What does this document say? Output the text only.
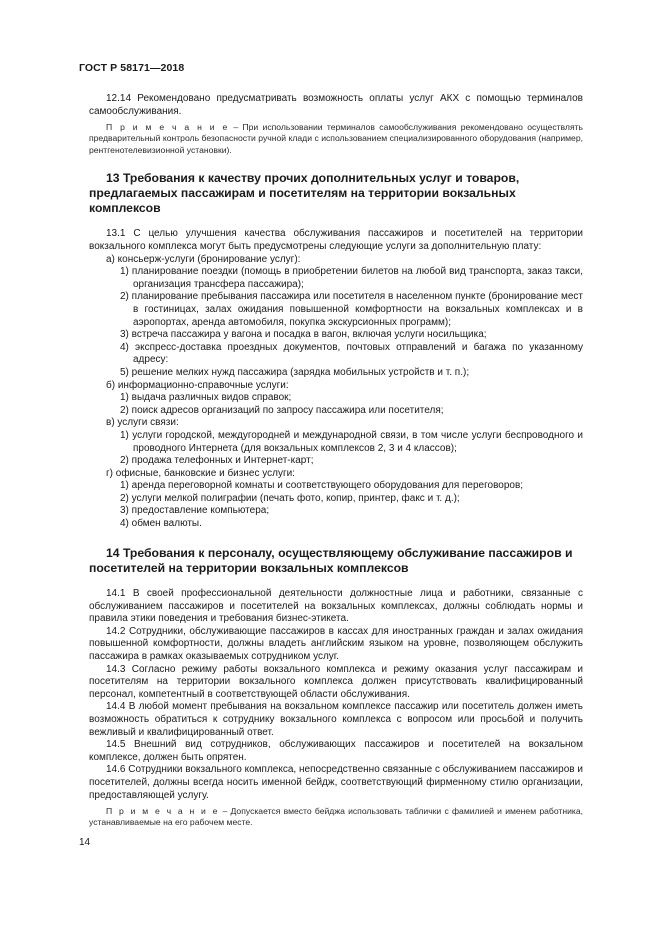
ГОСТ Р 58171—2018

12.14 Рекомендовано предусматривать возможность оплаты услуг АКХ с помощью терминалов самообслуживания.

П р и м е ч а н и е – При использовании терминалов самообслуживания рекомендовано осуществлять предварительный контроль безопасности ручной клади с использованием специализированного оборудования (например, рентгенотелевизионной установки).

13 Требования к качеству прочих дополнительных услуг и товаров, предлагаемых пассажирам и посетителям на территории вокзальных комплексов

13.1 С целью улучшения качества обслуживания пассажиров и посетителей на территории вокзального комплекса могут быть предусмотрены следующие услуги за дополнительную плату:

а) консьерж-услуги (бронирование услуг):

1) планирование поездки (помощь в приобретении билетов на любой вид транспорта, заказ такси, организация трансфера пассажира);

2) планирование пребывания пассажира или посетителя в населенном пункте (бронирование мест в гостиницах, залах ожидания повышенной комфортности на вокзальных комплексах и в аэропортах, аренда автомобиля, покупка экскурсионных программ);

3) встреча пассажира у вагона и посадка в вагон, включая услуги носильщика;

4) экспресс-доставка проездных документов, почтовых отправлений и багажа по указанному адресу:

5) решение мелких нужд пассажира (зарядка мобильных устройств и т. п.);

б) информационно-справочные услуги:

1) выдача различных видов справок;

2) поиск адресов организаций по запросу пассажира или посетителя;

в) услуги связи:

1) услуги городской, междугородней и международной связи, в том числе услуги беспроводного и проводного Интернета (для вокзальных комплексов 2, 3 и 4 классов);

2) продажа телефонных и Интернет-карт;

г) офисные, банковские и бизнес услуги:

1) аренда переговорной комнаты и соответствующего оборудования для переговоров;

2) услуги мелкой полиграфии (печать фото, копир, принтер, факс и т. д.);

3) предоставление компьютера;

4) обмен валюты.

14 Требования к персоналу, осуществляющему обслуживание пассажиров и посетителей на территории вокзальных комплексов

14.1 В своей профессиональной деятельности должностные лица и работники, связанные с обслуживанием пассажиров и посетителей на вокзальных комплексах, должны соблюдать нормы и правила этики поведения и требования бизнес-этикета.

14.2 Сотрудники, обслуживающие пассажиров в кассах для иностранных граждан и залах ожидания повышенной комфортности, должны владеть английским языком на уровне, позволяющем обслужить пассажира в рамках оказываемых сотрудником услуг.

14.3 Согласно режиму работы вокзального комплекса и режиму оказания услуг пассажирам и посетителям на территории вокзального комплекса должен присутствовать квалифицированный персонал, компетентный в соответствующей области обслуживания.

14.4 В любой момент пребывания на вокзальном комплексе пассажир или посетитель должен иметь возможность обратиться к сотруднику вокзального комплекса с вопросом или просьбой и получить вежливый и квалифицированный ответ.

14.5 Внешний вид сотрудников, обслуживающих пассажиров и посетителей на вокзальном комплексе, должен быть опрятен.

14.6 Сотрудники вокзального комплекса, непосредственно связанные с обслуживанием пассажиров и посетителей, должны всегда носить именной бейдж, соответствующий фирменному стилю организации, предоставляющей услугу.

П р и м е ч а н и е – Допускается вместо бейджа использовать таблички с фамилией и именем работника, устанавливаемые на его рабочем месте.

14
